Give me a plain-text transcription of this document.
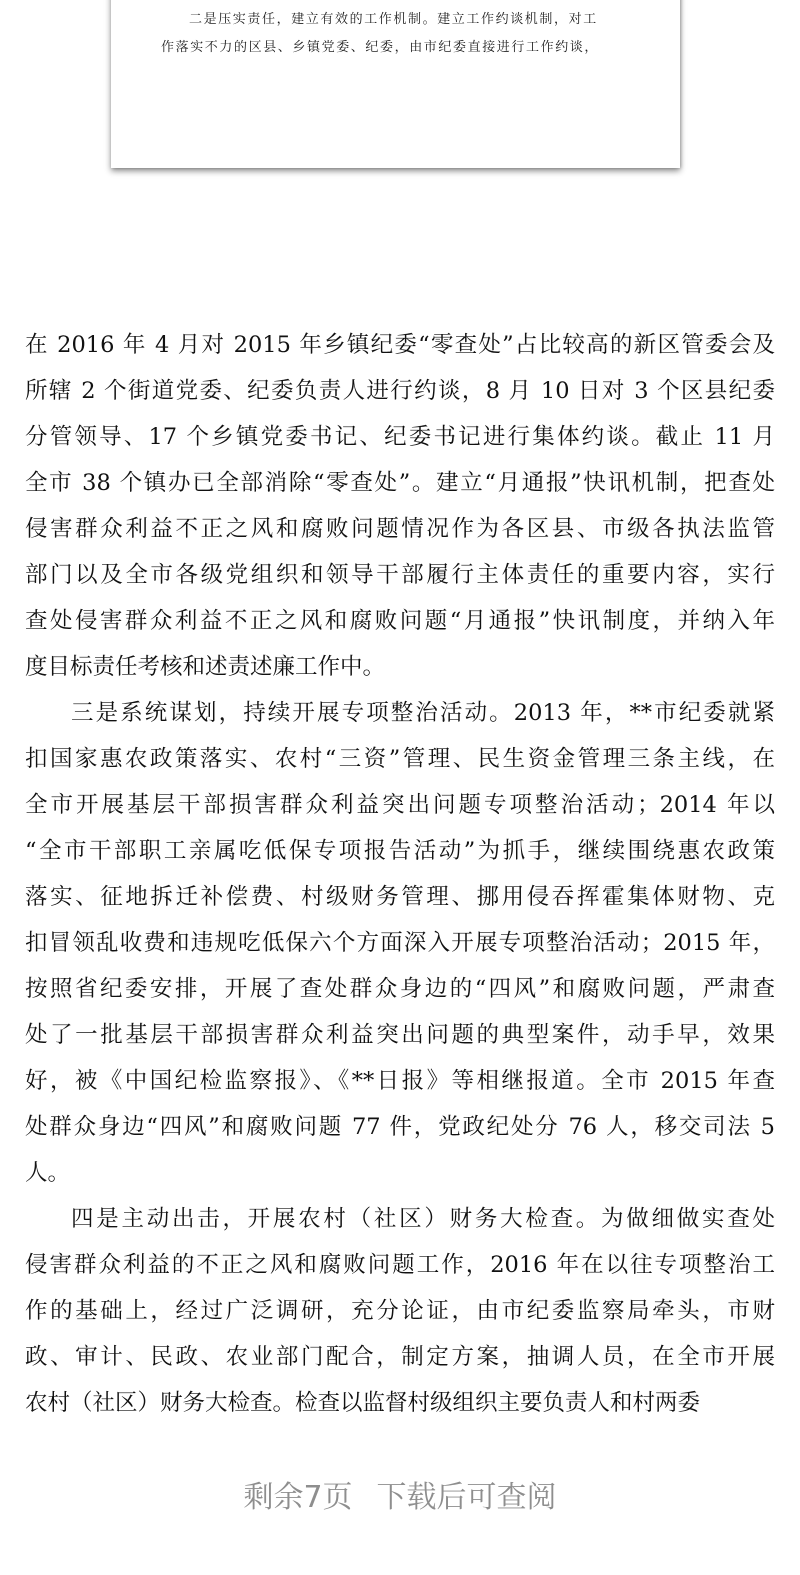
二是压实责任，建立有效的工作机制。建立工作约谈机制，对工
作落实不力的区县、乡镇党委、纪委，由市纪委直接进行工作约谈，
在 2016 年 4 月对 2015 年乡镇纪委“零查处”占比较高的新区管委会及
所辖 2 个街道党委、纪委负责人进行约谈，8 月 10 日对 3 个区县纪委
分管领导、17 个乡镇党委书记、纪委书记进行集体约谈。截止 11 月
全市 38 个镇办已全部消除“零查处”。建立“月通报”快讯机制，把查处
侵害群众利益不正之风和腐败问题情况作为各区县、市级各执法监管
部门以及全市各级党组织和领导干部履行主体责任的重要内容，实行
查处侵害群众利益不正之风和腐败问题“月通报”快讯制度，并纳入年
度目标责任考核和述责述廉工作中。
三是系统谋划，持续开展专项整治活动。2013 年，**市纪委就紧
扣国家惠农政策落实、农村“三资”管理、民生资金管理三条主线，在
全市开展基层干部损害群众利益突出问题专项整治活动；2014 年以
“全市干部职工亲属吃低保专项报告活动”为抓手，继续围绕惠农政策
落实、征地拆迁补偿费、村级财务管理、挪用侵吞挥霍集体财物、克
扣冒领乱收费和违规吃低保六个方面深入开展专项整治活动；2015 年，
按照省纪委安排，开展了查处群众身边的“四风”和腐败问题，严肃查
处了一批基层干部损害群众利益突出问题的典型案件，动手早，效果
好，被《中国纪检监察报》、《**日报》等相继报道。全市 2015 年查
处群众身边“四风”和腐败问题 77 件，党政纪处分 76 人，移交司法 5
人。
四是主动出击，开展农村（社区）财务大检查。为做细做实查处
侵害群众利益的不正之风和腐败问题工作，2016 年在以往专项整治工
作的基础上，经过广泛调研，充分论证，由市纪委监察局牵头，市财
政、审计、民政、农业部门配合，制定方案，抽调人员，在全市开展
农村（社区）财务大检查。检查以监督村级组织主要负责人和村两委
剩余7页 下载后可查阅
